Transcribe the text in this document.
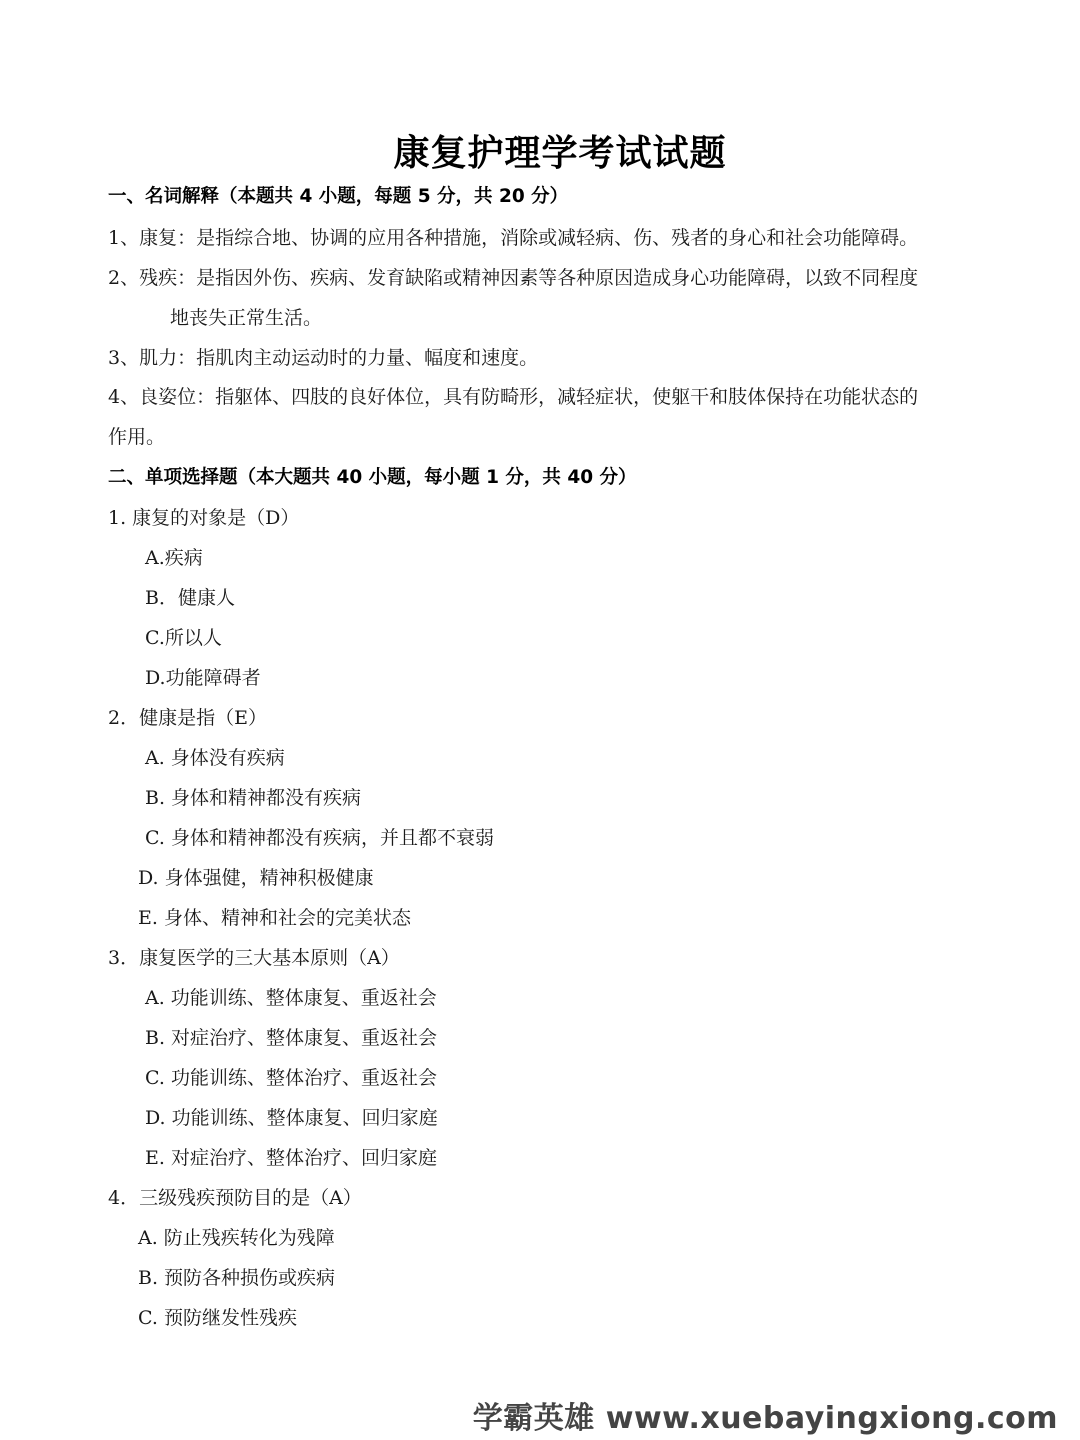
康复护理学考试试题
一、名词解释（本题共 4 小题，每题 5 分，共 20 分）
1、康复：是指综合地、协调的应用各种措施，消除或减轻病、伤、残者的身心和社会功能障碍。
2、残疾：是指因外伤、疾病、发育缺陷或精神因素等各种原因造成身心功能障碍，以致不同程度
地丧失正常生活。
3、肌力：指肌肉主动运动时的力量、幅度和速度。
4、良姿位：指躯体、四肢的良好体位，具有防畸形，减轻症状，使躯干和肢体保持在功能状态的
作用。
二、单项选择题（本大题共 40 小题，每小题 1 分，共 40 分）
1. 康复的对象是（D）
A.疾病
B．健康人
C.所以人
D.功能障碍者
2．健康是指（E）
A. 身体没有疾病
B. 身体和精神都没有疾病
C. 身体和精神都没有疾病，并且都不衰弱
D. 身体强健，精神积极健康
E. 身体、精神和社会的完美状态
3．康复医学的三大基本原则（A）
A. 功能训练、整体康复、重返社会
B. 对症治疗、整体康复、重返社会
C. 功能训练、整体治疗、重返社会
D. 功能训练、整体康复、回归家庭
E. 对症治疗、整体治疗、回归家庭
4．三级残疾预防目的是（A）
A. 防止残疾转化为残障
B. 预防各种损伤或疾病
C. 预防继发性残疾
学霸英雄 www.xuebayingxiong.com
